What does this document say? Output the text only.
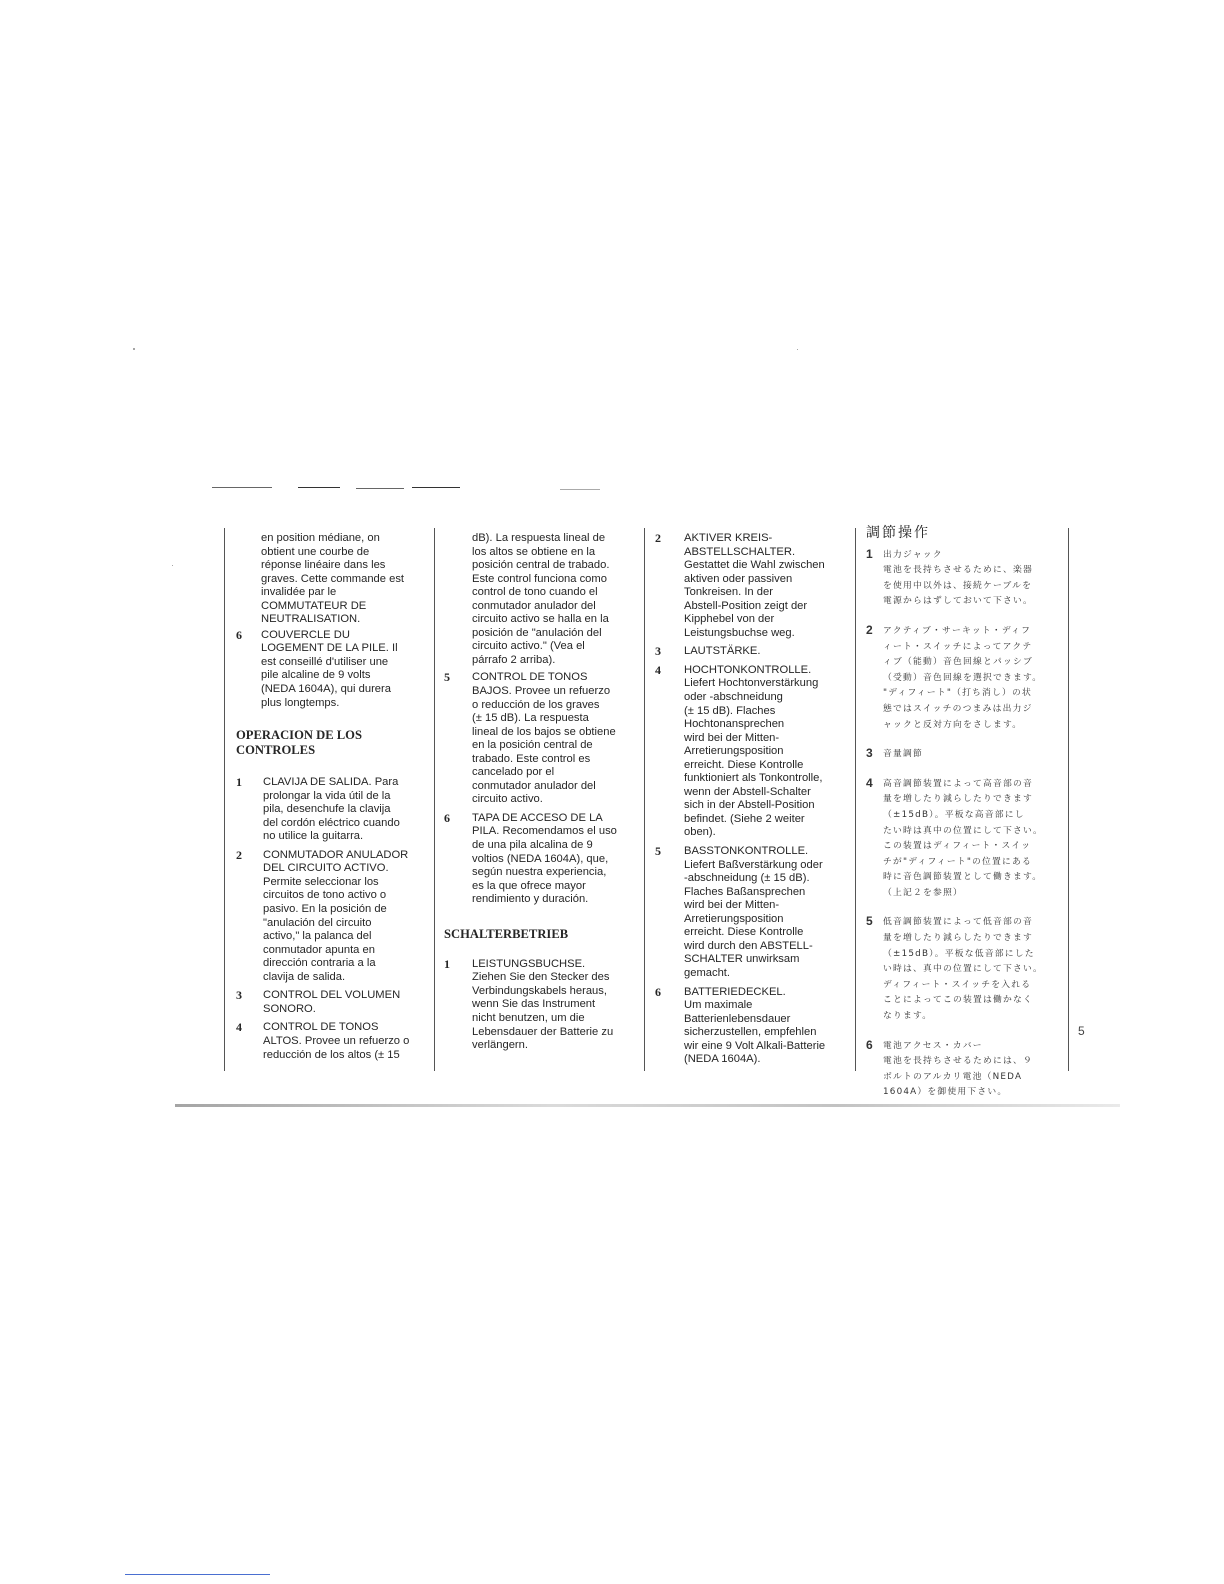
en position médiane, on
obtient une courbe de
réponse linéaire dans les
graves. Cette commande est
invalidée par le
COMMUTATEUR DE
NEUTRALISATION.
6 COUVERCLE DU
LOGEMENT DE LA PILE. Il
est conseillé d'utiliser une
pile alcaline de 9 volts
(NEDA 1604A), qui durera
plus longtemps.
OPERACION DE LOS
CONTROLES
1 CLAVIJA DE SALIDA. Para
prolongar la vida útil de la
pila, desenchufe la clavija
del cordón eléctrico cuando
no utilice la guitarra.
2 CONMUTADOR ANULADOR
DEL CIRCUITO ACTIVO.
Permite seleccionar los
circuitos de tono activo o
pasivo. En la posición de
"anulación del circuito
activo," la palanca del
conmutador apunta en
dirección contraria a la
clavija de salida.
3 CONTROL DEL VOLUMEN
SONORO.
4 CONTROL DE TONOS
ALTOS. Provee un refuerzo o
reducción de los altos (± 15
dB). La respuesta lineal de
los altos se obtiene en la
posición central de trabado.
Este control funciona como
control de tono cuando el
conmutador anulador del
circuito activo se halla en la
posición de "anulación del
circuito activo." (Vea el
párrafo 2 arriba).
5 CONTROL DE TONOS
BAJOS. Provee un refuerzo
o reducción de los graves
(± 15 dB). La respuesta
lineal de los bajos se obtiene
en la posición central de
trabado. Este control es
cancelado por el
conmutador anulador del
circuito activo.
6 TAPA DE ACCESO DE LA
PILA. Recomendamos el uso
de una pila alcalina de 9
voltios (NEDA 1604A), que,
según nuestra experiencia,
es la que ofrece mayor
rendimiento y duración.
SCHALTERBETRIEB
1 LEISTUNGSBUCHSE.
Ziehen Sie den Stecker des
Verbindungskabels heraus,
wenn Sie das Instrument
nicht benutzen, um die
Lebensdauer der Batterie zu
verlängern.
2 AKTIVER KREIS-
ABSTELLSCHALTER.
Gestattet die Wahl zwischen
aktiven oder passiven
Tonkreisen. In der
Abstell-Position zeigt der
Kipphebel von der
Leistungsbuchse weg.
3 LAUTSTÄRKE.
4 HOCHTONKONTROLLE.
Liefert Hochtonverstärkung
oder -abschneidung
(± 15 dB). Flaches
Hochtonansprechen
wird bei der Mitten-
Arretierungsposition
erreicht. Diese Kontrolle
funktioniert als Tonkontrolle,
wenn der Abstell-Schalter
sich in der Abstell-Position
befindet. (Siehe 2 weiter
oben).
5 BASSTONKONTROLLE.
Liefert Baßverstärkung oder
-abschneidung (± 15 dB).
Flaches Baßansprechen
wird bei der Mitten-
Arretierungsposition
erreicht. Diese Kontrolle
wird durch den ABSTELL-
SCHALTER unwirksam
gemacht.
6 BATTERIEDECKEL.
Um maximale
Batterienlebensdauer
sicherzustellen, empfehlen
wir eine 9 Volt Alkali-Batterie
(NEDA 1604A).
調節操作
1 出力ジャック
電池を長持ちさせるために、楽器
を使用中以外は、接続ケーブルを
電源からはずしておいて下さい。
2 アクティブ・サーキット・ディフ
ィート・スイッチによってアクテ
ィブ（能動）音色回線とパッシブ
（受動）音色回線を選択できます。
"ディフィート"（打ち消し）の状
態ではスイッチのつまみは出力ジ
ャックと反対方向をさします。
3 音量調節
4 高音調節装置によって高音部の音
量を増したり減らしたりできます
（±15dB）。平板な高音部にし
たい時は真中の位置にして下さい。
この装置はディフィート・スイッ
チが"ディフィート"の位置にある
時に音色調節装置として働きます。
（上記２を参照）
5 低音調節装置によって低音部の音
量を増したり減らしたりできます
（±15dB）。平板な低音部にした
い時は、真中の位置にして下さい。
ディフィート・スイッチを入れる
ことによってこの装置は働かなく
なります。
6 電池アクセス・カバー
電池を長持ちさせるためには、９
ボルトのアルカリ電池（NEDA
1604A）を御使用下さい。
5
